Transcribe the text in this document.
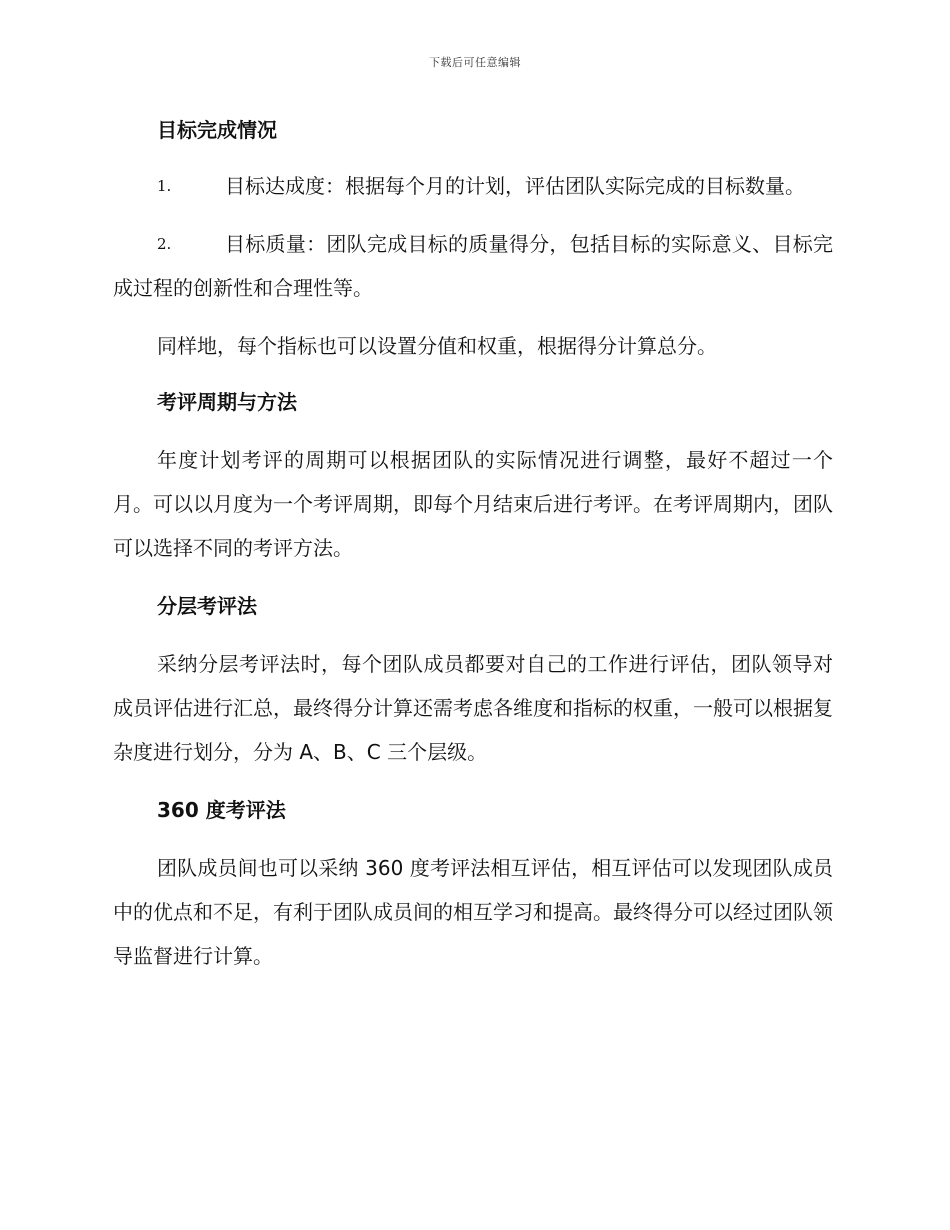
下载后可任意编辑
目标完成情况

1.	目标达成度：根据每个月的计划，评估团队实际完成的目标数量。

2.	目标质量：团队完成目标的质量得分，包括目标的实际意义、目标完成过程的创新性和合理性等。

同样地，每个指标也可以设置分值和权重，根据得分计算总分。

考评周期与方法

年度计划考评的周期可以根据团队的实际情况进行调整，最好不超过一个月。可以以月度为一个考评周期，即每个月结束后进行考评。在考评周期内，团队可以选择不同的考评方法。

分层考评法

采纳分层考评法时，每个团队成员都要对自己的工作进行评估，团队领导对成员评估进行汇总，最终得分计算还需考虑各维度和指标的权重，一般可以根据复杂度进行划分，分为 A、B、C 三个层级。

360 度考评法

团队成员间也可以采纳 360 度考评法相互评估，相互评估可以发现团队成员中的优点和不足，有利于团队成员间的相互学习和提高。最终得分可以经过团队领导监督进行计算。
